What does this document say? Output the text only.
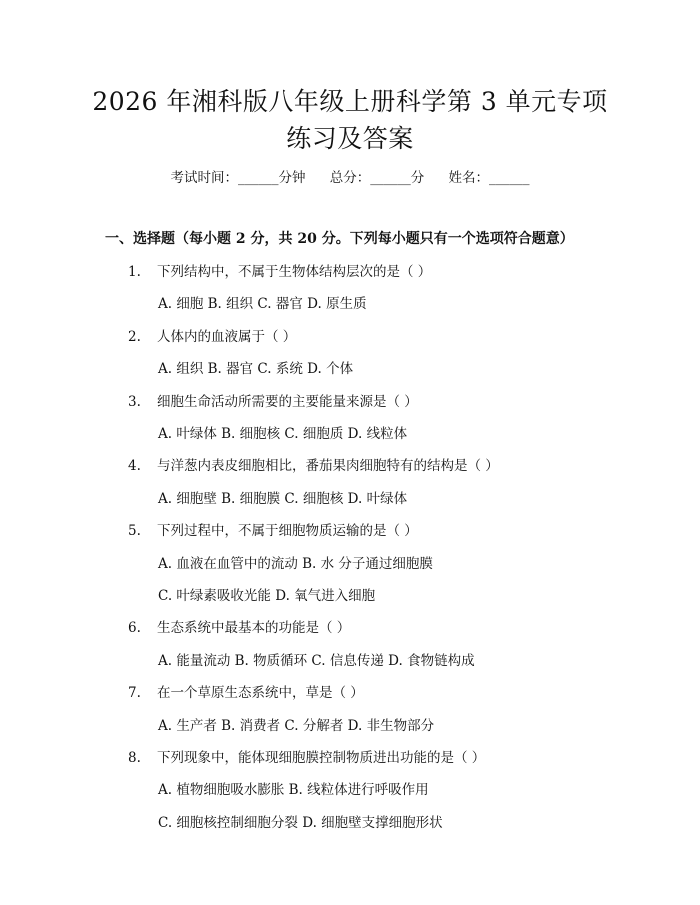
2026 年湘科版八年级上册科学第 3 单元专项
练习及答案
考试时间：______分钟 总分：______分 姓名：______
一、选择题（每小题 2 分，共 20 分。下列每小题只有一个选项符合题意）
1.	下列结构中，不属于生物体结构层次的是（ ）
A. 细胞 B. 组织 C. 器官 D. 原生质
2.	人体内的血液属于（ ）
A. 组织 B. 器官 C. 系统 D. 个体
3.	细胞生命活动所需要的主要能量来源是（ ）
A. 叶绿体 B. 细胞核 C. 细胞质 D. 线粒体
4.	与洋葱内表皮细胞相比，番茄果肉细胞特有的结构是（ ）
A. 细胞壁 B. 细胞膜 C. 细胞核 D. 叶绿体
5.	下列过程中，不属于细胞物质运输的是（ ）
A. 血液在血管中的流动 B. 水 分子通过细胞膜
C. 叶绿素吸收光能 D. 氧气进入细胞
6.	生态系统中最基本的功能是（ ）
A. 能量流动 B. 物质循环 C. 信息传递 D. 食物链构成
7.	在一个草原生态系统中，草是（ ）
A. 生产者 B. 消费者 C. 分解者 D. 非生物部分
8.	下列现象中，能体现细胞膜控制物质进出功能的是（ ）
A. 植物细胞吸水膨胀 B. 线粒体进行呼吸作用
C. 细胞核控制细胞分裂 D. 细胞壁支撑细胞形状
